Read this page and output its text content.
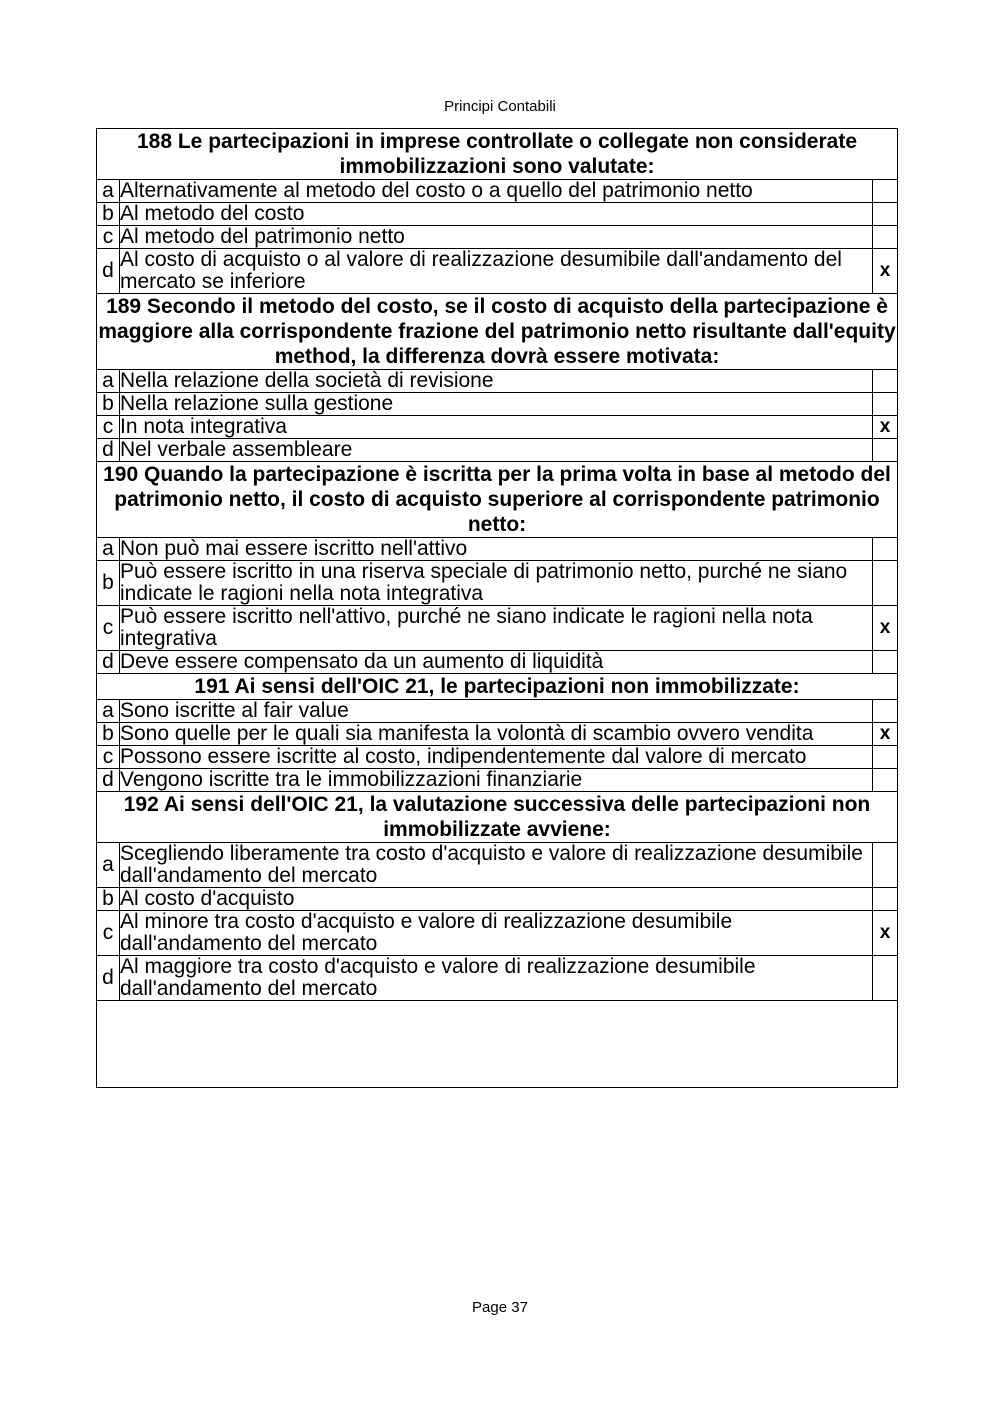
Principi Contabili
188 Le partecipazioni in imprese controllate o collegate non considerate immobilizzazioni sono valutate:		
a	Alternativamente al metodo del costo o a quello del patrimonio netto	
b	Al metodo del costo	
c	Al metodo del patrimonio netto	
d	Al costo di acquisto o al valore di realizzazione desumibile dall'andamento del mercato se inferiore	x
189 Secondo il metodo del costo, se il costo di acquisto della partecipazione è maggiore alla corrispondente frazione del patrimonio netto risultante dall'equity method, la differenza dovrà essere motivata:		
a	Nella relazione della società di revisione	
b	Nella relazione sulla gestione	
c	In nota integrativa	x
d	Nel verbale assembleare	
190 Quando la partecipazione è iscritta per la prima volta in base al metodo del patrimonio netto, il costo di acquisto superiore al corrispondente patrimonio netto:		
a	Non può mai essere iscritto nell'attivo	
b	Può essere iscritto in una riserva speciale di patrimonio netto, purché ne siano indicate le ragioni nella nota integrativa	
c	Può essere iscritto nell'attivo, purché ne siano indicate le ragioni nella nota integrativa	x
d	Deve essere compensato da un aumento di liquidità	
191 Ai sensi dell'OIC 21, le partecipazioni non immobilizzate:		
a	Sono iscritte al fair value	
b	Sono quelle per le quali sia manifesta la volontà di scambio ovvero vendita	x
c	Possono essere iscritte al costo, indipendentemente dal valore di mercato	
d	Vengono iscritte tra le immobilizzazioni finanziarie	
192 Ai sensi dell'OIC 21, la valutazione successiva delle partecipazioni non immobilizzate avviene:		
a	Scegliendo liberamente tra costo d'acquisto e valore di realizzazione desumibile dall'andamento del mercato	
b	Al costo d'acquisto	
c	Al minore tra costo d'acquisto e valore di realizzazione desumibile dall'andamento del mercato	x
d	Al maggiore tra costo d'acquisto e valore di realizzazione desumibile dall'andamento del mercato	

Page 37
